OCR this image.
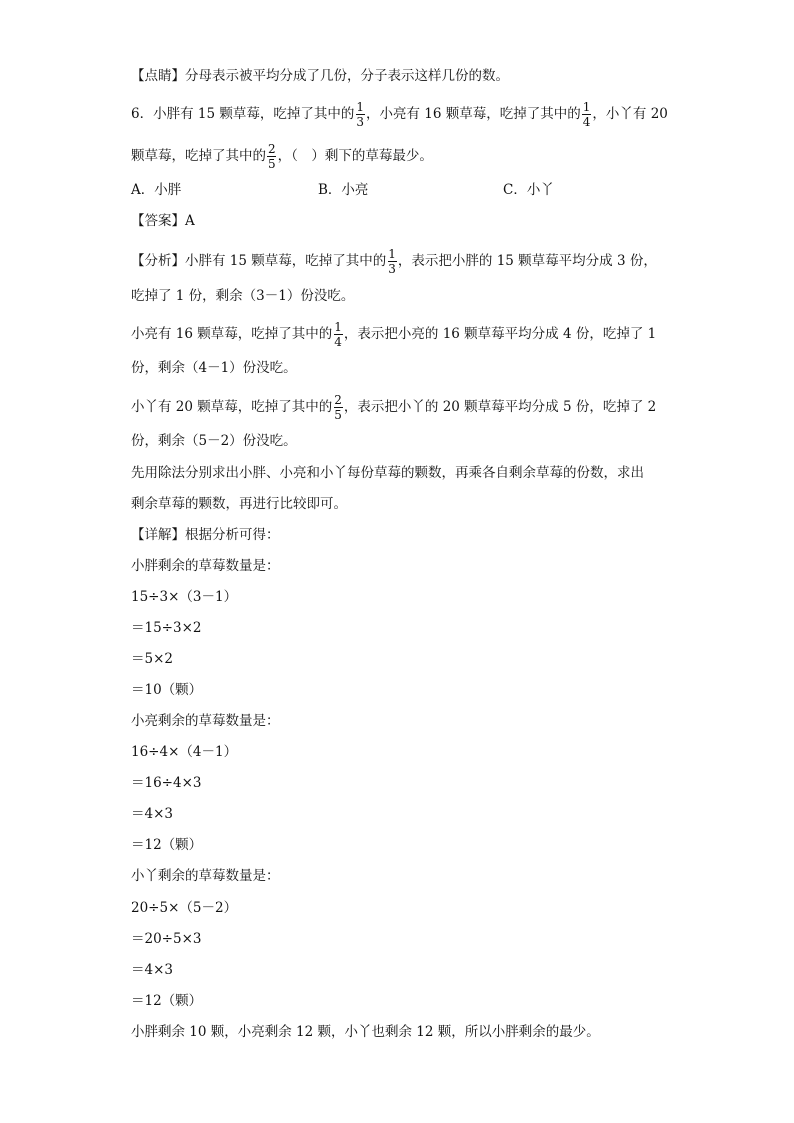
【点睛】分母表示被平均分成了几份，分子表示这样几份的数。
6．小胖有 15 颗草莓，吃掉了其中的 $\frac{1}{3}$ ，小亮有 16 颗草莓，吃掉了其中的 $\frac{1}{4}$ ，小丫有 20
颗草莓，吃掉了其中的 $\frac{2}{5}$ ，（　）剩下的草莓最少。
A．小胖	B．小亮	C．小丫
【答案】A
【分析】小胖有 15 颗草莓，吃掉了其中的 $\frac{1}{3}$ ，表示把小胖的 15 颗草莓平均分成 3 份，
吃掉了 1 份，剩余（3－1）份没吃。
小亮有 16 颗草莓，吃掉了其中的 $\frac{1}{4}$ ，表示把小亮的 16 颗草莓平均分成 4 份，吃掉了 1
份，剩余（4－1）份没吃。
小丫有 20 颗草莓，吃掉了其中的 $\frac{2}{5}$ ，表示把小丫的 20 颗草莓平均分成 5 份，吃掉了 2
份，剩余（5－2）份没吃。
先用除法分别求出小胖、小亮和小丫每份草莓的颗数，再乘各自剩余草莓的份数，求出
剩余草莓的颗数，再进行比较即可。
【详解】根据分析可得：
小胖剩余的草莓数量是：
15÷3×（3－1）
＝15÷3×2
＝5×2
＝10（颗）
小亮剩余的草莓数量是：
16÷4×（4－1）
＝16÷4×3
＝4×3
＝12（颗）
小丫剩余的草莓数量是：
20÷5×（5－2）
＝20÷5×3
＝4×3
＝12（颗）
小胖剩余 10 颗，小亮剩余 12 颗，小丫也剩余 12 颗，所以小胖剩余的最少。
